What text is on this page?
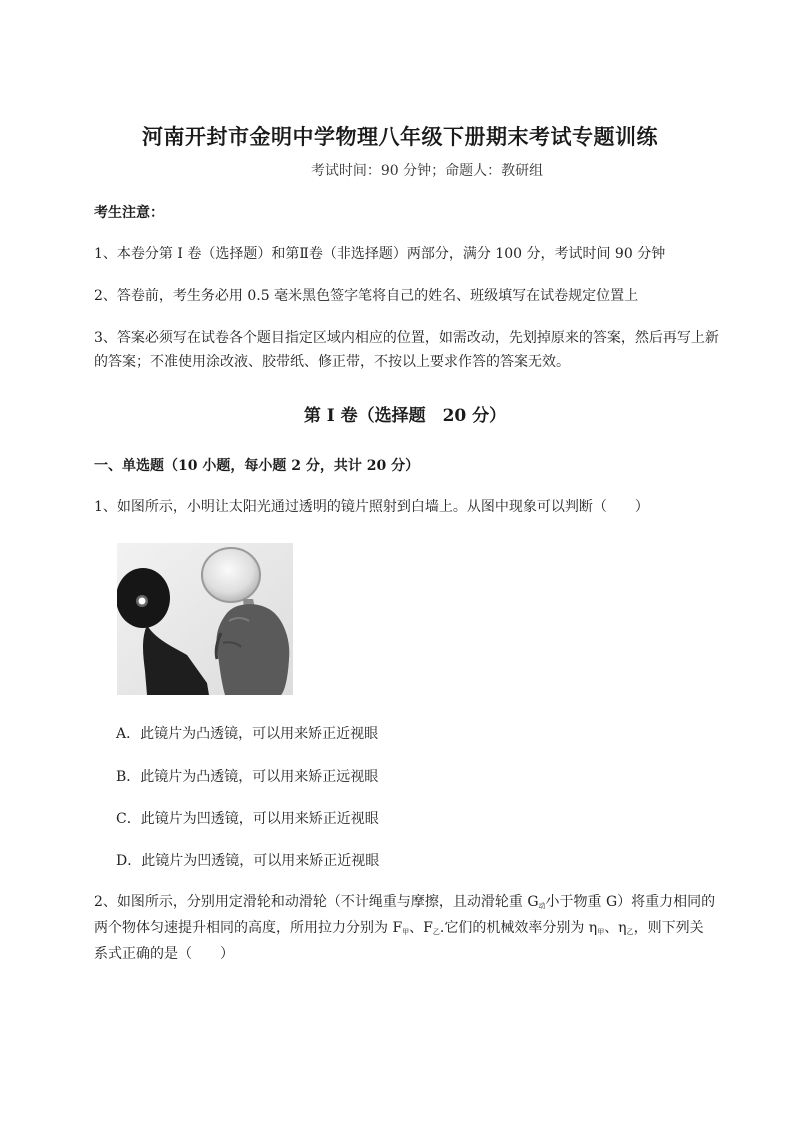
河南开封市金明中学物理八年级下册期末考试专题训练
考试时间：90 分钟；命题人：教研组
考生注意：
1、本卷分第 I 卷（选择题）和第Ⅱ卷（非选择题）两部分，满分 100 分，考试时间 90 分钟
2、答卷前，考生务必用 0.5 毫米黑色签字笔将自己的姓名、班级填写在试卷规定位置上
3、答案必须写在试卷各个题目指定区域内相应的位置，如需改动，先划掉原来的答案，然后再写上新
的答案；不准使用涂改液、胶带纸、修正带，不按以上要求作答的答案无效。
第 I 卷（选择题　20 分）
一、单选题（10 小题，每小题 2 分，共计 20 分）
1、如图所示，小明让太阳光通过透明的镜片照射到白墙上。从图中现象可以判断（　　）
A．此镜片为凸透镜，可以用来矫正近视眼
B．此镜片为凸透镜，可以用来矫正远视眼
C．此镜片为凹透镜，可以用来矫正近视眼
D．此镜片为凹透镜，可以用来矫正近视眼
2、如图所示，分别用定滑轮和动滑轮（不计绳重与摩擦，且动滑轮重 $G_动$小于物重 G）将重力相同的
两个物体匀速提升相同的高度，所用拉力分别为 $F_甲$、$F_乙$.它们的机械效率分别为 $\eta_甲$、$\eta_乙$，则下列关
系式正确的是（　　）
